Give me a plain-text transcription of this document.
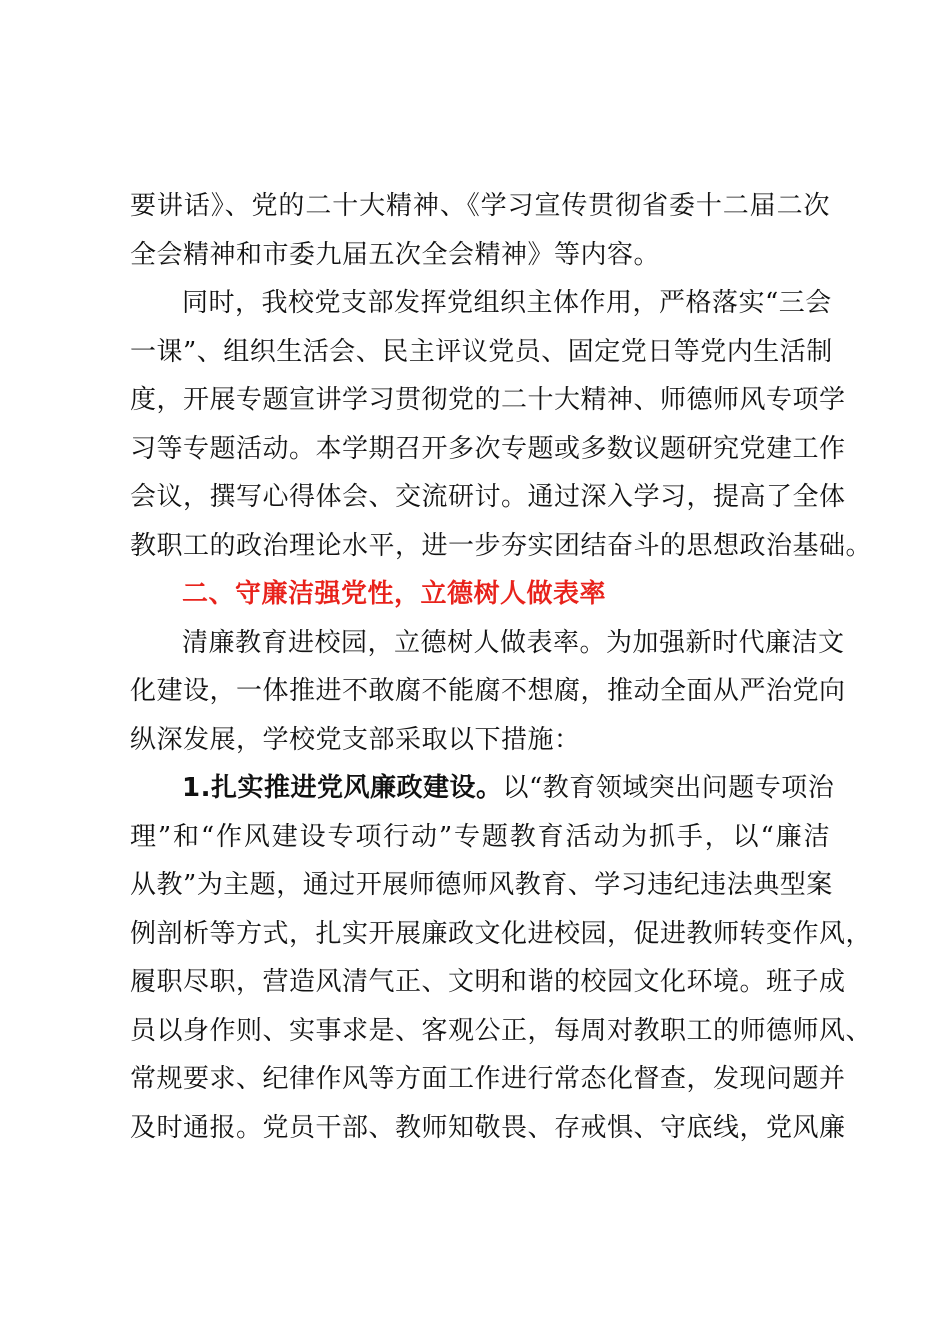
要讲话》、党的二十大精神、《学习宣传贯彻省委十二届二次
全会精神和市委九届五次全会精神》等内容。
同时，我校党支部发挥党组织主体作用，严格落实“三会
一课”、组织生活会、民主评议党员、固定党日等党内生活制
度，开展专题宣讲学习贯彻党的二十大精神、师德师风专项学
习等专题活动。本学期召开多次专题或多数议题研究党建工作
会议，撰写心得体会、交流研讨。通过深入学习，提高了全体
教职工的政治理论水平，进一步夯实团结奋斗的思想政治基础。
二、守廉洁强党性，立德树人做表率
清廉教育进校园，立德树人做表率。为加强新时代廉洁文
化建设，一体推进不敢腐不能腐不想腐，推动全面从严治党向
纵深发展，学校党支部采取以下措施：
1.扎实推进党风廉政建设。以“教育领域突出问题专项治
理”和“作风建设专项行动”专题教育活动为抓手，以“廉洁
从教”为主题，通过开展师德师风教育、学习违纪违法典型案
例剖析等方式，扎实开展廉政文化进校园，促进教师转变作风，
履职尽职，营造风清气正、文明和谐的校园文化环境。班子成
员以身作则、实事求是、客观公正，每周对教职工的师德师风、
常规要求、纪律作风等方面工作进行常态化督查，发现问题并
及时通报。党员干部、教师知敬畏、存戒惧、守底线，党风廉
